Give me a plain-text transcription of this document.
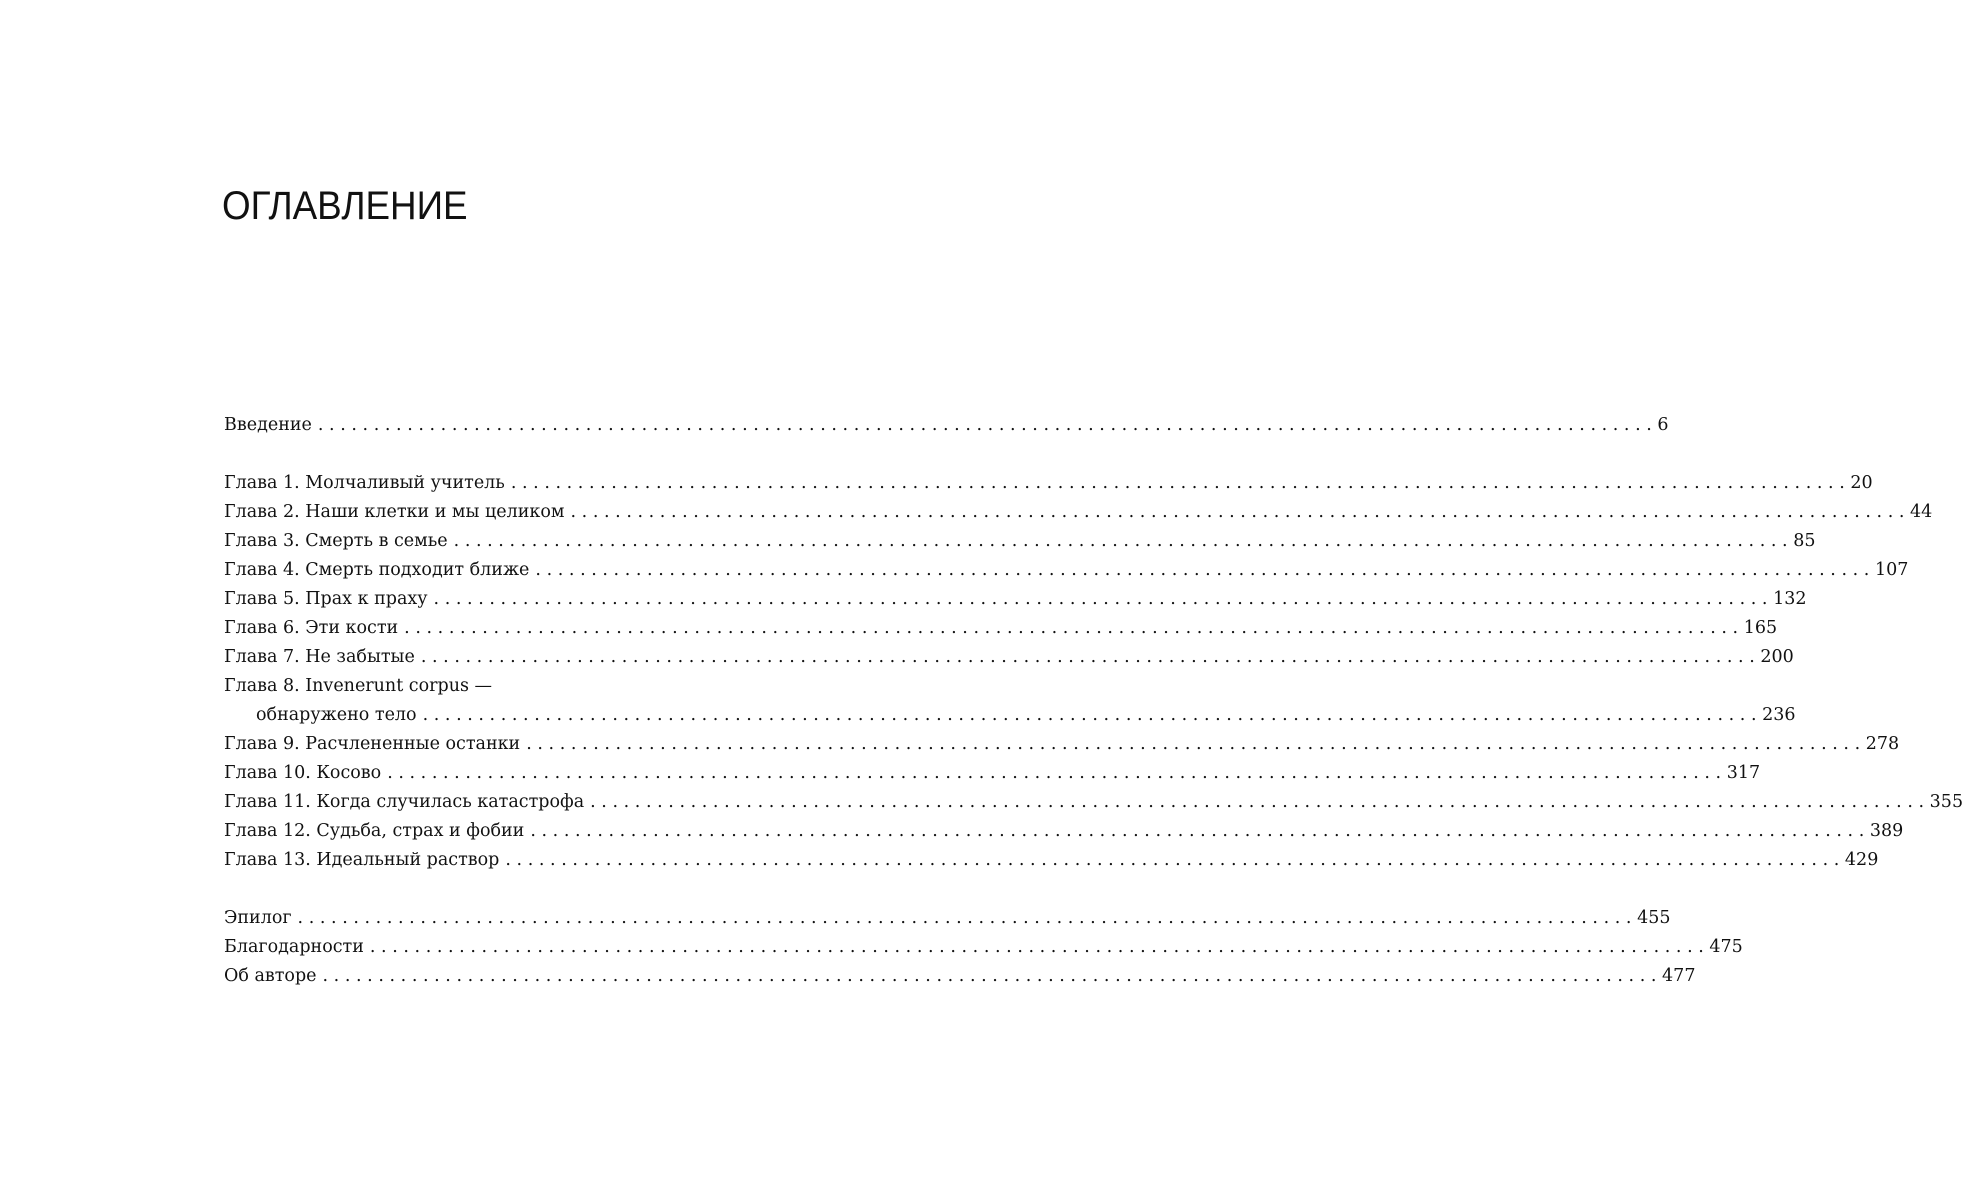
ОГЛАВЛЕНИЕ
Введение ........................................................................................................................ 6
Глава 1. Молчаливый учитель ........................................................................................................................ 20
Глава 2. Наши клетки и мы целиком ........................................................................................................................ 44
Глава 3. Смерть в семье ........................................................................................................................ 85
Глава 4. Смерть подходит ближе ........................................................................................................................ 107
Глава 5. Прах к праху ........................................................................................................................ 132
Глава 6. Эти кости ........................................................................................................................ 165
Глава 7. Не забытые ........................................................................................................................ 200
Глава 8. Invenerunt corpus —
обнаружено тело ........................................................................................................................ 236
Глава 9. Расчлененные останки ........................................................................................................................ 278
Глава 10. Косово ........................................................................................................................ 317
Глава 11. Когда случилась катастрофа ........................................................................................................................ 355
Глава 12. Судьба, страх и фобии ........................................................................................................................ 389
Глава 13. Идеальный раствор ........................................................................................................................ 429
Эпилог ........................................................................................................................ 455
Благодарности ........................................................................................................................ 475
Об авторе ........................................................................................................................ 477
